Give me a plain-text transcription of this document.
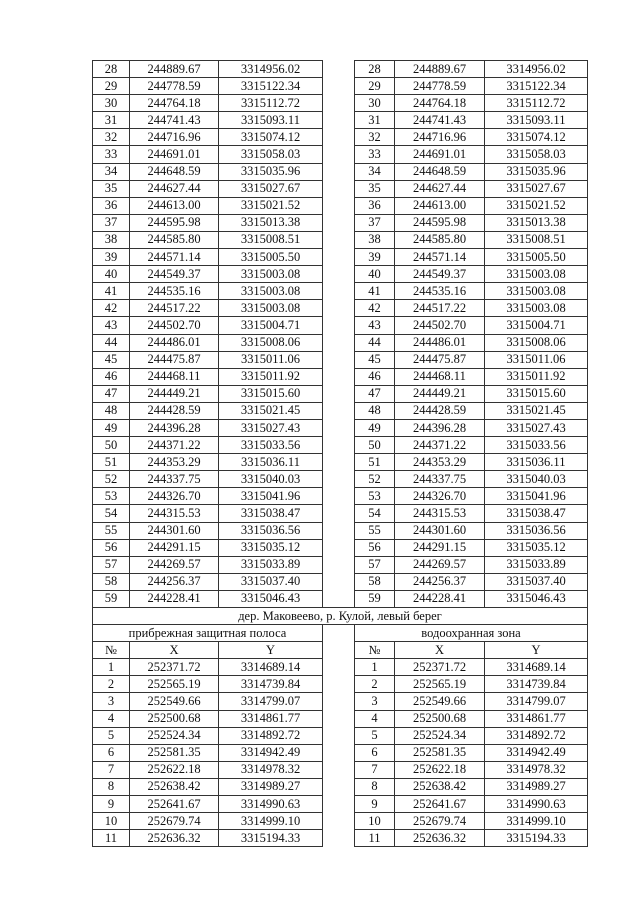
28	244889.67	3314956.02		28	244889.67	3314956.02
29	244778.59	3315122.34		29	244778.59	3315122.34
30	244764.18	3315112.72		30	244764.18	3315112.72
31	244741.43	3315093.11		31	244741.43	3315093.11
32	244716.96	3315074.12		32	244716.96	3315074.12
33	244691.01	3315058.03		33	244691.01	3315058.03
34	244648.59	3315035.96		34	244648.59	3315035.96
35	244627.44	3315027.67		35	244627.44	3315027.67
36	244613.00	3315021.52		36	244613.00	3315021.52
37	244595.98	3315013.38		37	244595.98	3315013.38
38	244585.80	3315008.51		38	244585.80	3315008.51
39	244571.14	3315005.50		39	244571.14	3315005.50
40	244549.37	3315003.08		40	244549.37	3315003.08
41	244535.16	3315003.08		41	244535.16	3315003.08
42	244517.22	3315003.08		42	244517.22	3315003.08
43	244502.70	3315004.71		43	244502.70	3315004.71
44	244486.01	3315008.06		44	244486.01	3315008.06
45	244475.87	3315011.06		45	244475.87	3315011.06
46	244468.11	3315011.92		46	244468.11	3315011.92
47	244449.21	3315015.60		47	244449.21	3315015.60
48	244428.59	3315021.45		48	244428.59	3315021.45
49	244396.28	3315027.43		49	244396.28	3315027.43
50	244371.22	3315033.56		50	244371.22	3315033.56
51	244353.29	3315036.11		51	244353.29	3315036.11
52	244337.75	3315040.03		52	244337.75	3315040.03
53	244326.70	3315041.96		53	244326.70	3315041.96
54	244315.53	3315038.47		54	244315.53	3315038.47
55	244301.60	3315036.56		55	244301.60	3315036.56
56	244291.15	3315035.12		56	244291.15	3315035.12
57	244269.57	3315033.89		57	244269.57	3315033.89
58	244256.37	3315037.40		58	244256.37	3315037.40
59	244228.41	3315046.43		59	244228.41	3315046.43
дер. Маковеево, р. Кулой, левый берег						
прибрежная защитная полоса				водоохранная зона		
№	X	Y		№	X	Y
1	252371.72	3314689.14		1	252371.72	3314689.14
2	252565.19	3314739.84		2	252565.19	3314739.84
3	252549.66	3314799.07		3	252549.66	3314799.07
4	252500.68	3314861.77		4	252500.68	3314861.77
5	252524.34	3314892.72		5	252524.34	3314892.72
6	252581.35	3314942.49		6	252581.35	3314942.49
7	252622.18	3314978.32		7	252622.18	3314978.32
8	252638.42	3314989.27		8	252638.42	3314989.27
9	252641.67	3314990.63		9	252641.67	3314990.63
10	252679.74	3314999.10		10	252679.74	3314999.10
11	252636.32	3315194.33		11	252636.32	3315194.33
